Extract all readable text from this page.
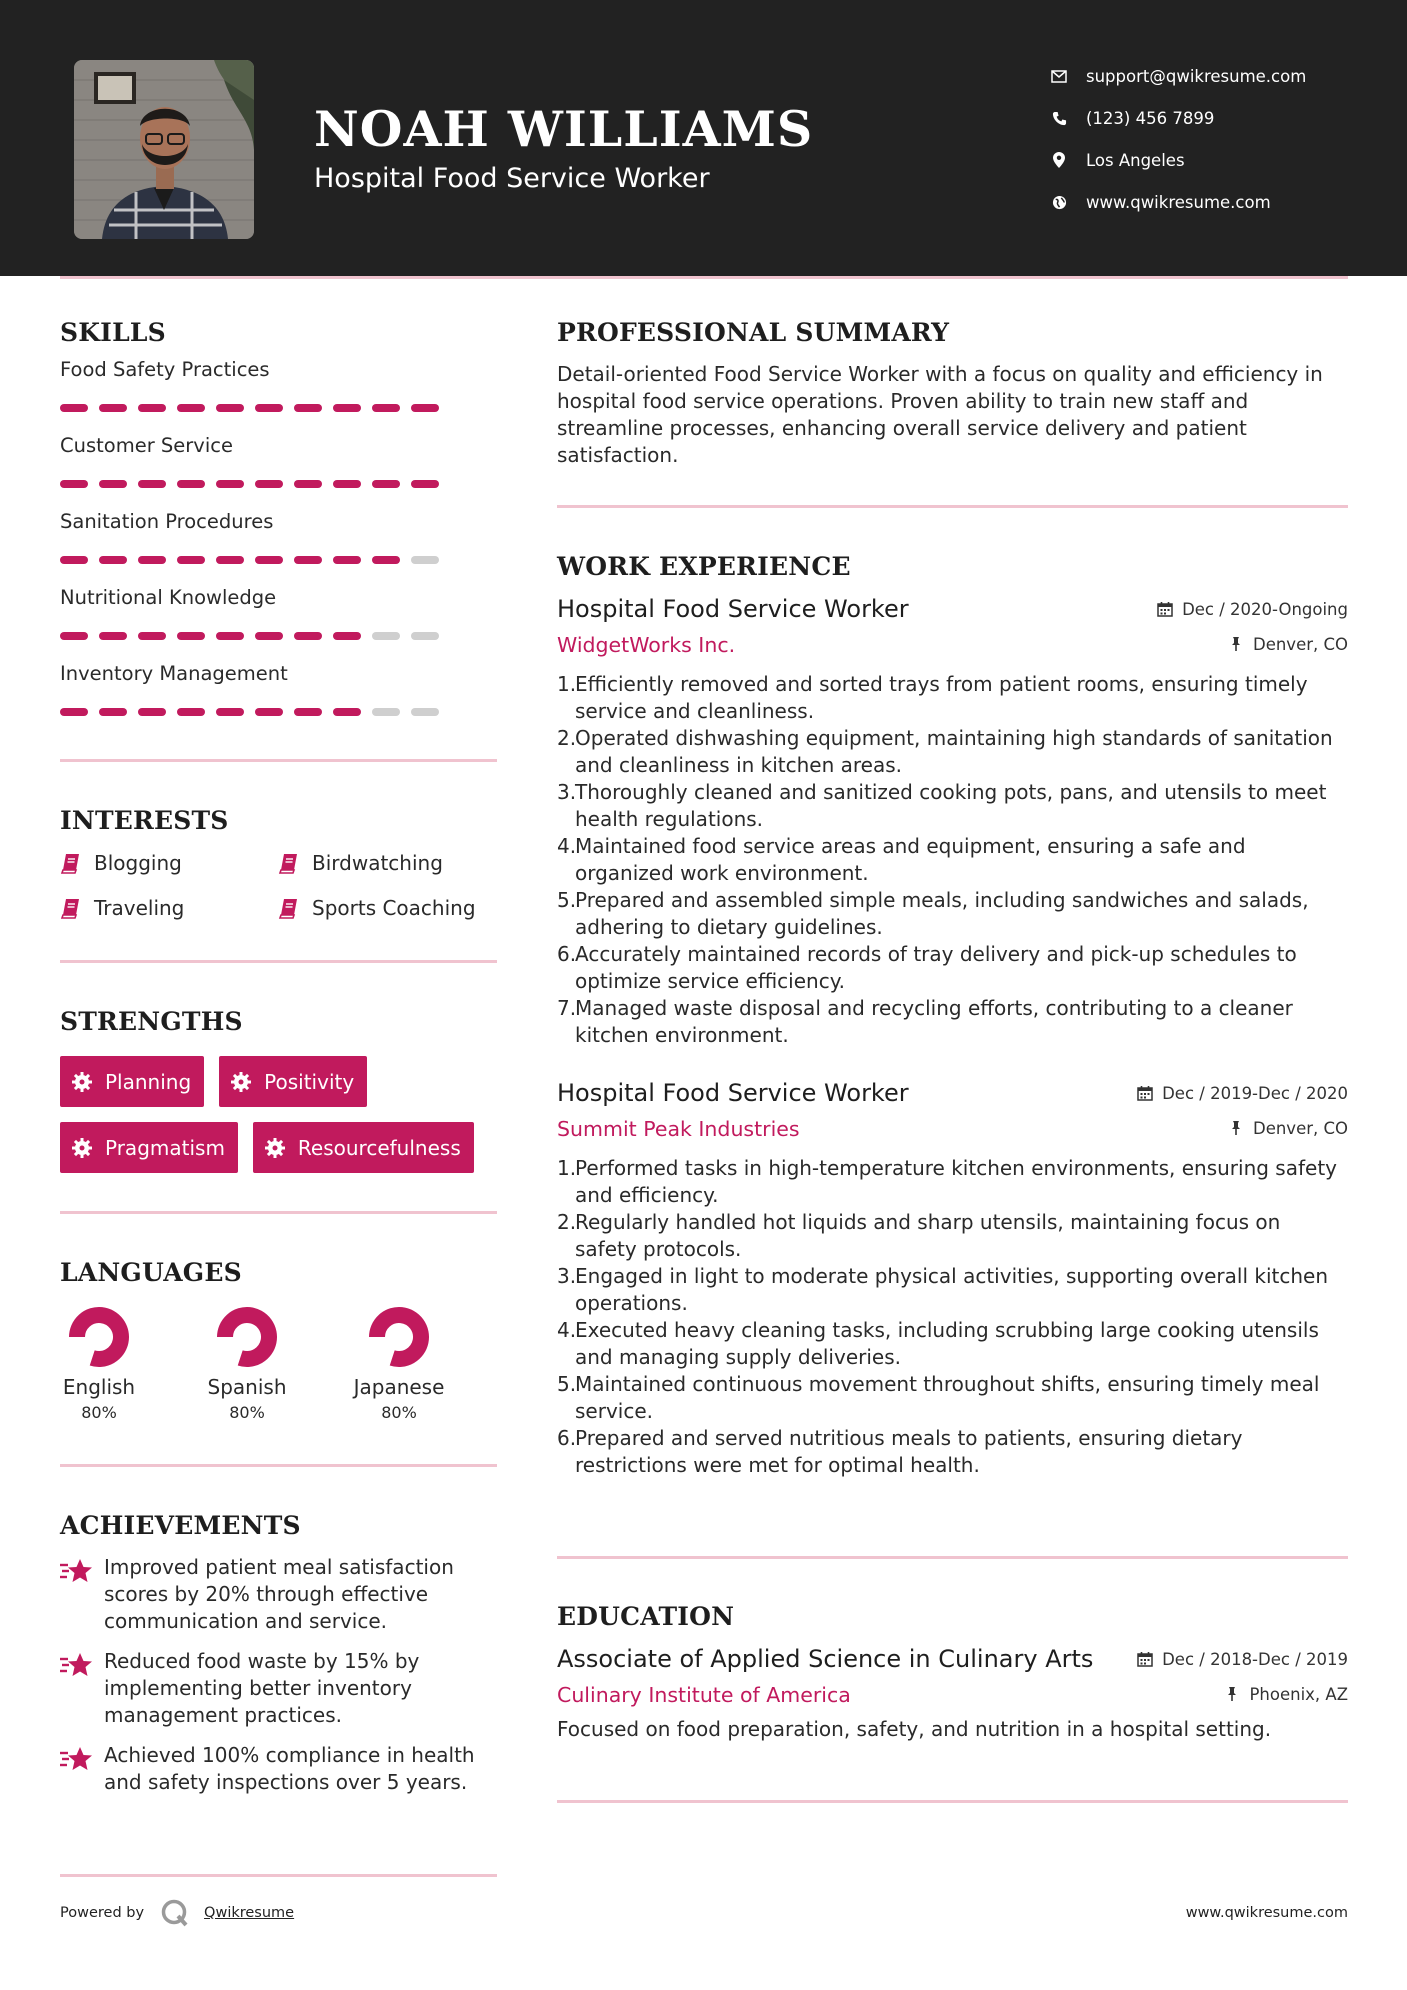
NOAH WILLIAMS
Hospital Food Service Worker
support@qwikresume.com
(123) 456 7899
Los Angeles
www.qwikresume.com
SKILLS
Food Safety Practices
Customer Service
Sanitation Procedures
Nutritional Knowledge
Inventory Management
INTERESTS
Blogging	Birdwatching
Traveling	Sports Coaching
STRENGTHS
Planning	Positivity
Pragmatism	Resourcefulness
LANGUAGES
English
80%
Spanish
80%
Japanese
80%
ACHIEVEMENTS
Improved patient meal satisfaction scores by 20% through effective communication and service.
Reduced food waste by 15% by implementing better inventory management practices.
Achieved 100% compliance in health and safety inspections over 5 years.
PROFESSIONAL SUMMARY
Detail-oriented Food Service Worker with a focus on quality and efficiency in hospital food service operations. Proven ability to train new staff and streamline processes, enhancing overall service delivery and patient satisfaction.
WORK EXPERIENCE
Hospital Food Service Worker	Dec / 2020-Ongoing
WidgetWorks Inc.	Denver, CO
1.
Efficiently removed and sorted trays from patient rooms, ensuring timely service and cleanliness.
2.
Operated dishwashing equipment, maintaining high standards of sanitation and cleanliness in kitchen areas.
3.
Thoroughly cleaned and sanitized cooking pots, pans, and utensils to meet health regulations.
4.
Maintained food service areas and equipment, ensuring a safe and organized work environment.
5.
Prepared and assembled simple meals, including sandwiches and salads, adhering to dietary guidelines.
6.
Accurately maintained records of tray delivery and pick-up schedules to optimize service efficiency.
7.
Managed waste disposal and recycling efforts, contributing to a cleaner kitchen environment.
Hospital Food Service Worker	Dec / 2019-Dec / 2020
Summit Peak Industries	Denver, CO
1.
Performed tasks in high-temperature kitchen environments, ensuring safety and efficiency.
2.
Regularly handled hot liquids and sharp utensils, maintaining focus on safety protocols.
3.
Engaged in light to moderate physical activities, supporting overall kitchen operations.
4.
Executed heavy cleaning tasks, including scrubbing large cooking utensils and managing supply deliveries.
5.
Maintained continuous movement throughout shifts, ensuring timely meal service.
6.
Prepared and served nutritious meals to patients, ensuring dietary restrictions were met for optimal health.
EDUCATION
Associate of Applied Science in Culinary Arts	Dec / 2018-Dec / 2019
Culinary Institute of America	Phoenix, AZ
Focused on food preparation, safety, and nutrition in a hospital setting.
Powered by	Qwikresume	www.qwikresume.com
